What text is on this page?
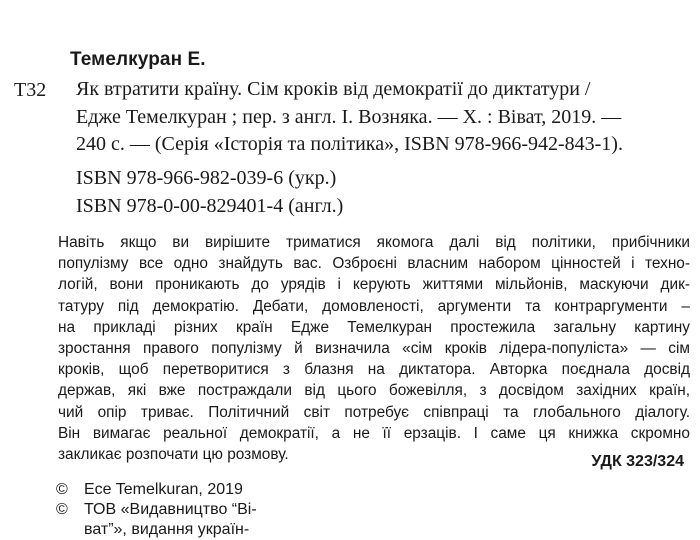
Темелкуран Е.
Т32 Як втратити країну. Сім кроків від демократії до диктатури /
Едже Темелкуран ; пер. з англ. І. Возняка. — Х. : Віват, 2019. —
240 с. — (Серія «Історія та політика», ISBN 978-966-942-843-1).
ISBN 978-966-982-039-6 (укр.)
ISBN 978-0-00-829401-4 (англ.)
Навіть якщо ви вирішите триматися якомога далі від політики, прибічники
популізму все одно знайдуть вас. Озброєні власним набором цінностей і техно-
логій, вони проникають до урядів і керують життями мільйонів, маскуючи дик-
татуру під демократію. Дебати, домовленості, аргументи та контраргументи –
на прикладі різних країн Едже Темелкуран простежила загальну картину
зростання правого популізму й визначила «сім кроків лідера-популіста» — сім
кроків, щоб перетворитися з блазня на диктатора. Авторка поєднала досвід
держав, які вже постраждали від цього божевілля, з досвідом західних країн,
чий опір триває. Політичний світ потребує співпраці та глобального діалогу.
Він вимагає реальної демократії, а не її ерзаців. І саме ця книжка скромно
закликає розпочати цю розмову.	УДК 323/324
©	Ece Temelkuran, 2019
©	ТОВ «Видавництво “Ві-
ват”», видання україн-
